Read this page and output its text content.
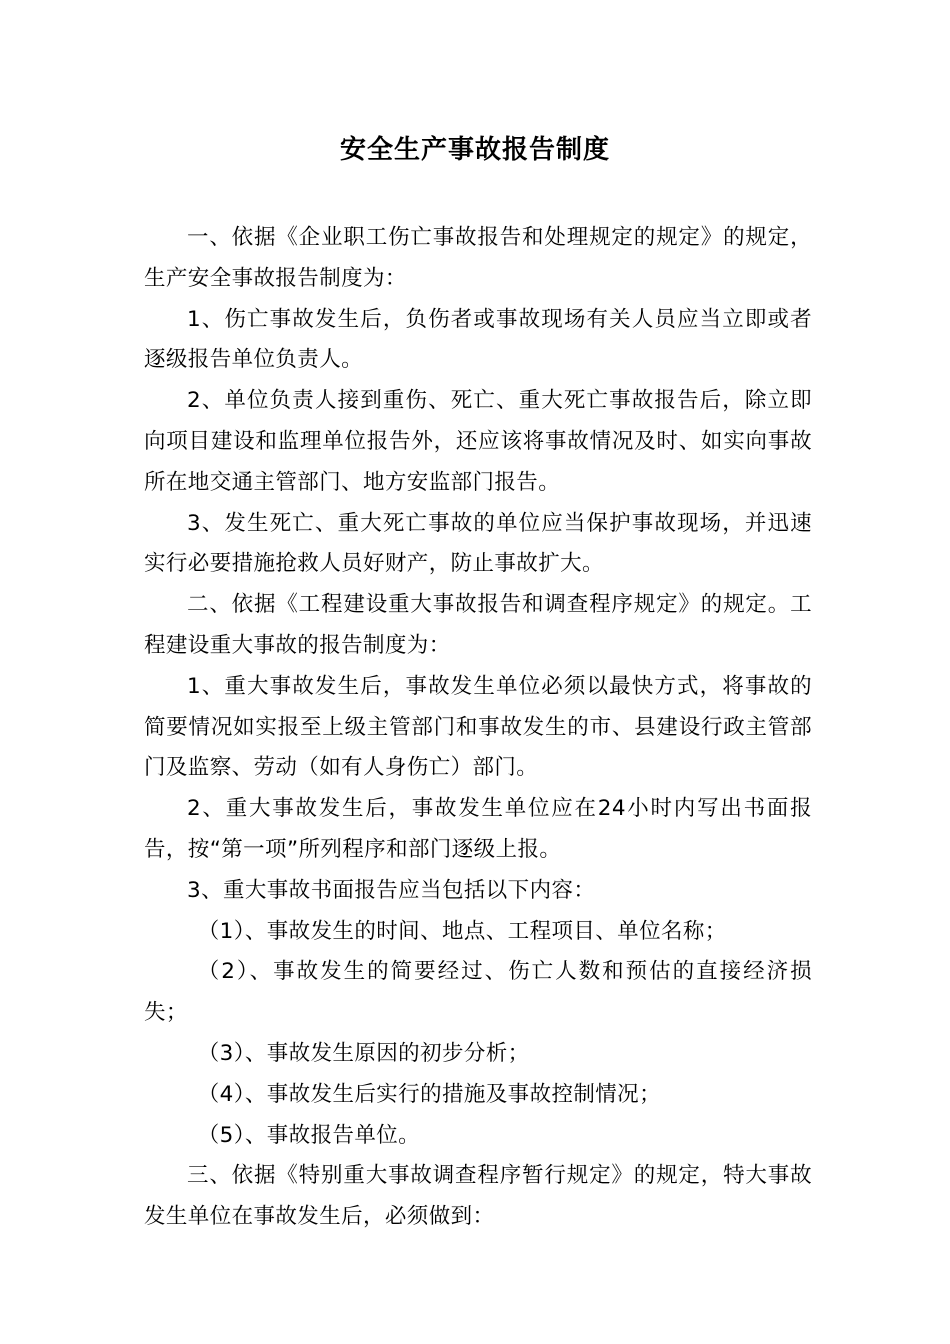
安全生产事故报告制度

一、依据《企业职工伤亡事故报告和处理规定的规定》的规定，生产安全事故报告制度为：

1、伤亡事故发生后，负伤者或事故现场有关人员应当立即或者逐级报告单位负责人。

2、单位负责人接到重伤、死亡、重大死亡事故报告后，除立即向项目建设和监理单位报告外，还应该将事故情况及时、如实向事故所在地交通主管部门、地方安监部门报告。

3、发生死亡、重大死亡事故的单位应当保护事故现场，并迅速实行必要措施抢救人员好财产，防止事故扩大。

二、依据《工程建设重大事故报告和调查程序规定》的规定。工程建设重大事故的报告制度为：

1、重大事故发生后，事故发生单位必须以最快方式，将事故的简要情况如实报至上级主管部门和事故发生的市、县建设行政主管部门及监察、劳动（如有人身伤亡）部门。

2、重大事故发生后，事故发生单位应在24小时内写出书面报告，按“第一项”所列程序和部门逐级上报。

3、重大事故书面报告应当包括以下内容：

（1）、事故发生的时间、地点、工程项目、单位名称；

（2）、事故发生的简要经过、伤亡人数和预估的直接经济损失；

（3）、事故发生原因的初步分析；

（4）、事故发生后实行的措施及事故控制情况；

（5）、事故报告单位。

三、依据《特别重大事故调查程序暂行规定》的规定，特大事故发生单位在事故发生后，必须做到：
